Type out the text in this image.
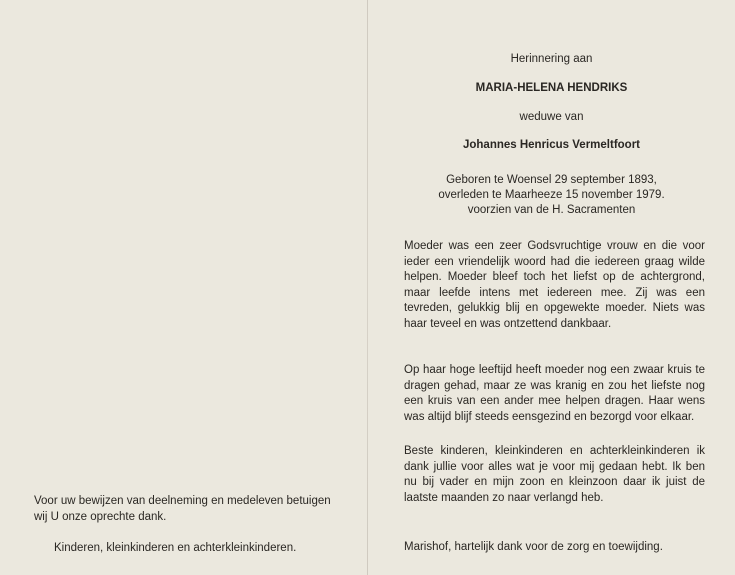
Voor uw bewijzen van deelneming en medeleven betuigen wij U onze oprechte dank.
Kinderen, kleinkinderen en achterkleinkinderen.
Herinnering aan
MARIA-HELENA HENDRIKS
weduwe van
Johannes Henricus Vermeltfoort
Geboren te Woensel 29 september 1893,
overleden te Maarheeze 15 november 1979.
voorzien van de H. Sacramenten

Moeder was een zeer Godsvruchtige vrouw en die voor ieder een vriendelijk woord had die iedereen graag wilde helpen. Moeder bleef toch het liefst op de achtergrond, maar leefde intens met iedereen mee. Zij was een tevreden, gelukkig blij en opgewekte moeder. Niets was haar teveel en was ontzettend dankbaar.

Op haar hoge leeftijd heeft moeder nog een zwaar kruis te dragen gehad, maar ze was kranig en zou het liefste nog een kruis van een ander mee helpen dragen. Haar wens was altijd blijf steeds eensgezind en bezorgd voor elkaar.

Beste kinderen, kleinkinderen en achterkleinkinderen ik dank jullie voor alles wat je voor mij gedaan hebt. Ik ben nu bij vader en mijn zoon en kleinzoon daar ik juist de laatste maanden zo naar verlangd heb.

Marishof, hartelijk dank voor de zorg en toewijding.
